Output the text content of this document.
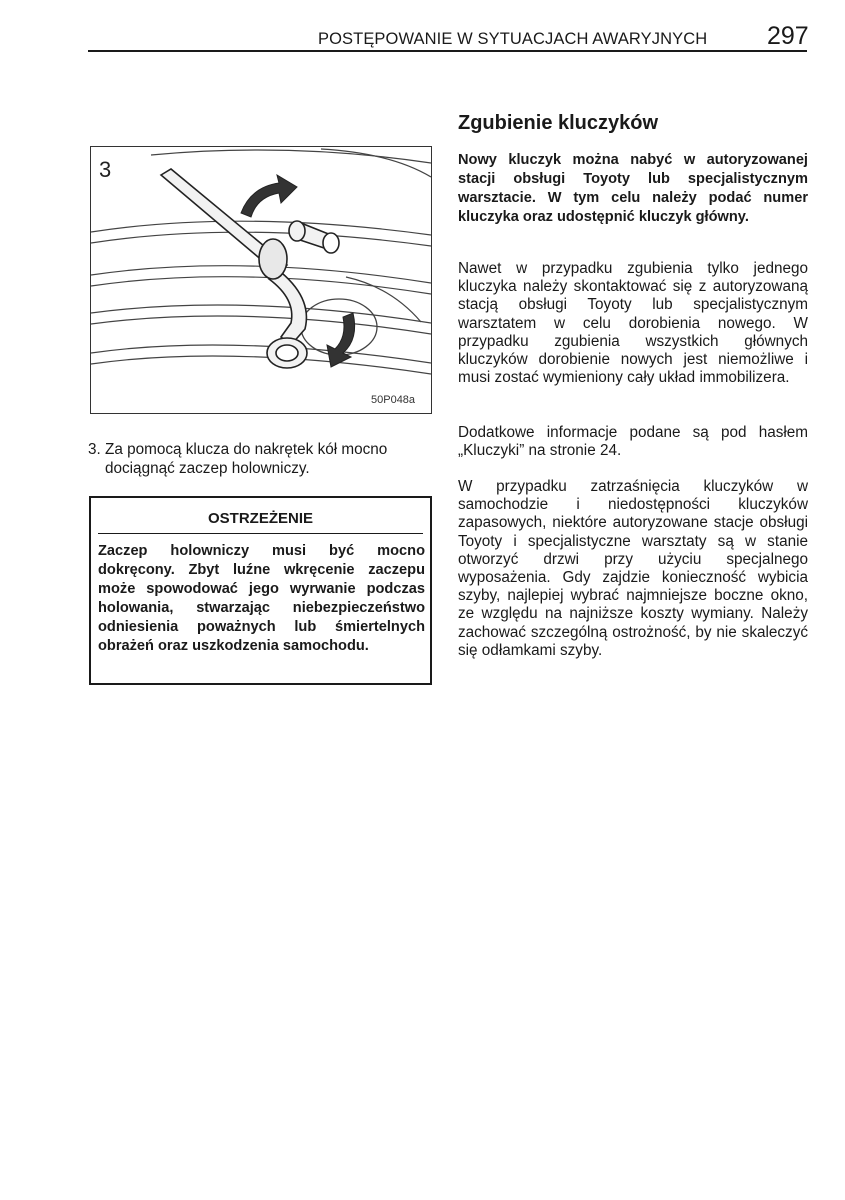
POSTĘPOWANIE W SYTUACJACH AWARYJNYCH 297
3
50P048a
3. Za pomocą klucza do nakrętek kół mocno dociągnąć zaczep holowniczy.
OSTRZEŻENIE
Zaczep holowniczy musi być mocno dokręcony. Zbyt luźne wkręcenie zaczepu może spowodować jego wyrwanie podczas holowania, stwarzając niebezpieczeństwo odniesienia poważnych lub śmiertelnych obrażeń oraz uszkodzenia samochodu.
Zgubienie kluczyków
Nowy kluczyk można nabyć w autoryzowanej stacji obsługi Toyoty lub specjalistycznym warsztacie. W tym celu należy podać numer kluczyka oraz udostępnić kluczyk główny.
Nawet w przypadku zgubienia tylko jednego kluczyka należy skontaktować się z autoryzowaną stacją obsługi Toyoty lub specjalistycznym warsztatem w celu dorobienia nowego. W przypadku zgubienia wszystkich głównych kluczyków dorobienie nowych jest niemożliwe i musi zostać wymieniony cały układ immobilizera.
Dodatkowe informacje podane są pod hasłem „Kluczyki” na stronie 24.
W przypadku zatrzaśnięcia kluczyków w samochodzie i niedostępności kluczyków zapasowych, niektóre autoryzowane stacje obsługi Toyoty i specjalistyczne warsztaty są w stanie otworzyć drzwi przy użyciu specjalnego wyposażenia. Gdy zajdzie konieczność wybicia szyby, najlepiej wybrać najmniejsze boczne okno, ze względu na najniższe koszty wymiany. Należy zachować szczególną ostrożność, by nie skaleczyć się odłamkami szyby.
